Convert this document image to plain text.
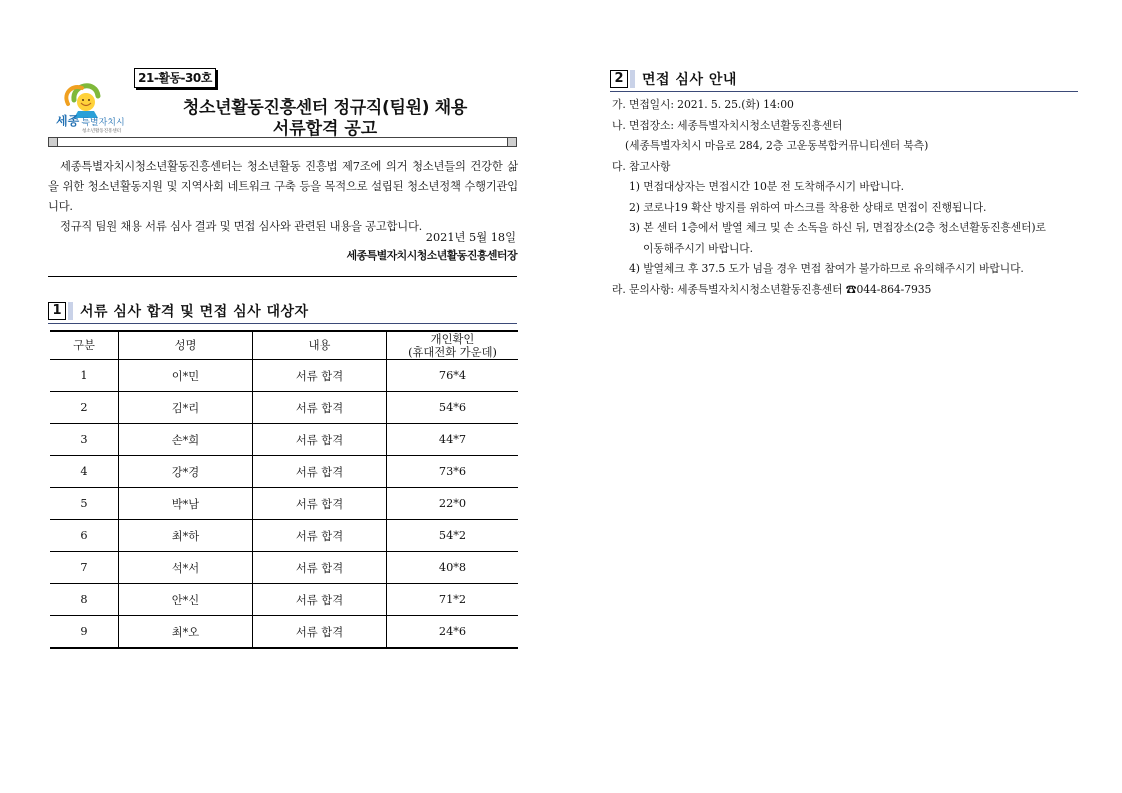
세종 특별자치시
청소년활동진흥센터
21-활동-30호
청소년활동진흥센터 정규직(팀원) 채용
서류합격 공고

세종특별자치시청소년활동진흥센터는 청소년활동 진흥법 제7조에 의거 청소년들의 건강한 삶을 위한 청소년활동지원 및 지역사회 네트워크 구축 등을 목적으로 설립된 청소년정책 수행기관입니다.

정규직 팀원 채용 서류 심사 결과 및 면접 심사와 관련된 내용을 공고합니다.

2021년 5월 18일
세종특별자치시청소년활동진흥센터장
1	서류 심사 합격 및 면접 심사 대상자
구분	성명	내용	개인확인
(휴대전화 가운데)
1	이*민	서류 합격	76*4
2	김*리	서류 합격	54*6
3	손*희	서류 합격	44*7
4	강*경	서류 합격	73*6
5	박*남	서류 합격	22*0
6	최*하	서류 합격	54*2
7	석*서	서류 합격	40*8
8	안*신	서류 합격	71*2
9	최*오	서류 합격	24*6
2	면접 심사 안내
가. 면접일시: 2021. 5. 25.(화) 14:00
나. 면접장소: 세종특별자치시청소년활동진흥센터
(세종특별자치시 마음로 284, 2층 고운동복합커뮤니티센터 북측)
다. 참고사항
1) 면접대상자는 면접시간 10분 전 도착해주시기 바랍니다.
2) 코로나19 확산 방지를 위하여 마스크를 착용한 상태로 면접이 진행됩니다.
3) 본 센터 1층에서 발열 체크 및 손 소독을 하신 뒤, 면접장소(2층 청소년활동진흥센터)로
이동해주시기 바랍니다.
4) 발열체크 후 37.5 도가 넘을 경우 면접 참여가 불가하므로 유의해주시기 바랍니다.
라. 문의사항: 세종특별자치시청소년활동진흥센터 ☎044-864-7935
